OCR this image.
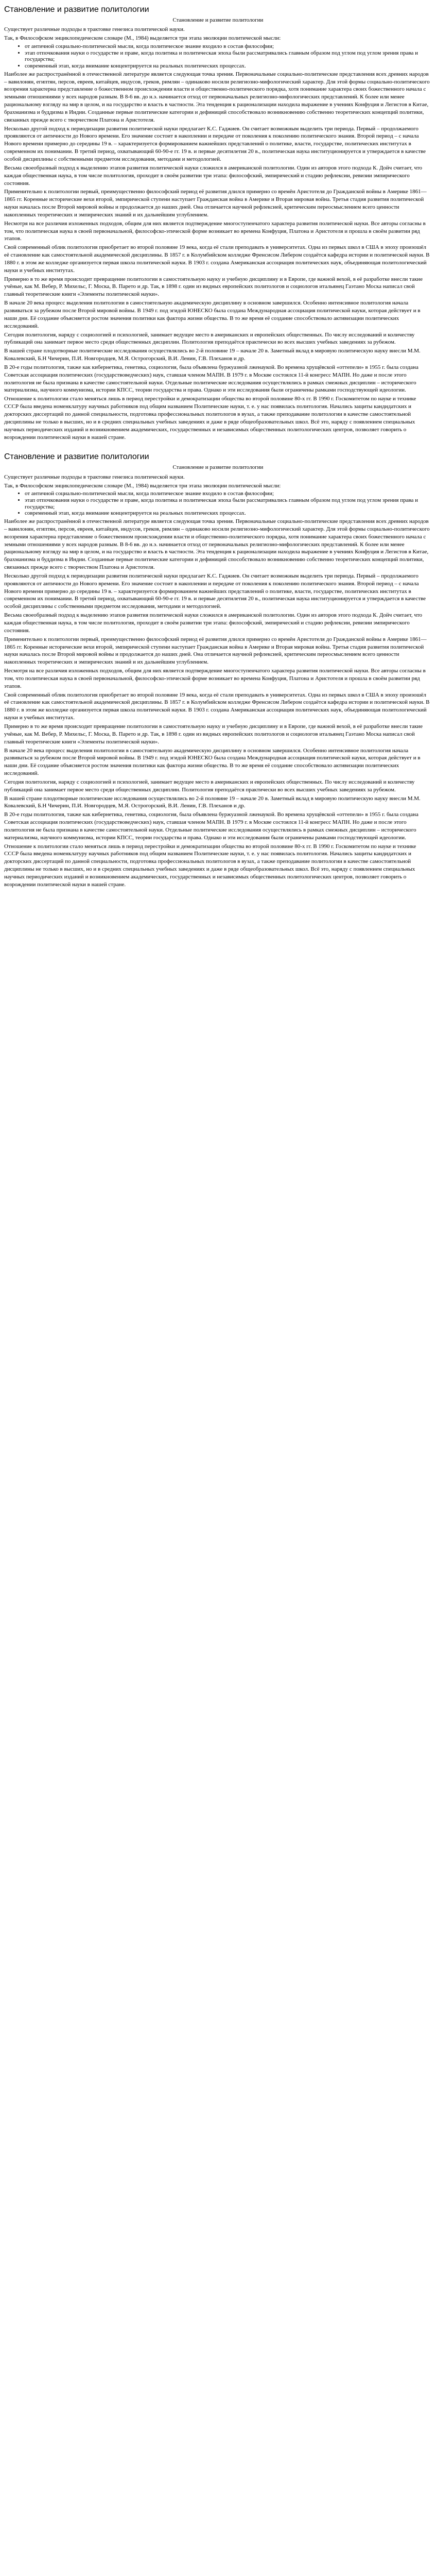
Становление и развитие политологии

Становление и развитие политологии

Существует различные подходы в трактовке генезиса политической науки.

Так, в Философском энциклопедическом словаре (М., 1984) выделяется три этапа эволюции политической мысли:

• от античной социально-политической мысли, когда политическое знание входило в состав философии;
• этап отпочкования науки о государстве и праве, когда политика и политическая эпоха были рассматривались главным образом под углом под углом зрения права и государства;
• современный этап, когда внимание концентрируется на реальных политических процессах.

Наиболее же распространённой в отечественной литературе является следующая точка зрения. Первоначальные социально-политические представления всех древних народов – вавилонян, египтян, персов, евреев, китайцев, индусов, греков, римлян – одинаково носили религиозно-мифологический характер. Для этой формы социально-политического воззрения характерна представление о божественном происхождении власти и общественно-политического порядка, хотя понимание характера своих божественного начала с земными отношениями у всех народов разным. В 8-6 вв. до н.э. начинается отход от первоначальных религиозно-мифологических представлений. К более или менее рациональному взгляду на мир в целом, и на государство и власть в частности. Эта тенденция к рационализации находила выражение в учениях Конфуция и Легистов в Китае, брахманизма и буддизма в Индии. Созданные первые политические категории и дефиниций способствовало возникновению собственно теоретических концепций политики, связанных прежде всего с творчеством Платона и Аристотеля.

Несколько другой подход к периодизации развития политической науки предлагает К.С. Гаджиев. Он считает возможным выделить три периода. Первый – продолжаемого проявляются от античности до Нового времени. Его значение состоит в накоплении и передаче от поколения к поколению политического знания. Второй период – с начала Нового времени примерно до середины 19 в. – характеризуется формированием важнейших представлений о политике, власти, государстве, политических институтах в современном их понимании. В третий период, охватывающий 60-90-е гг. 19 в. и первые десятилетия 20 в., политическая наука институционируется и утверждается в качестве особой дисциплины с собственными предметом исследования, методами и методологией.

Весьма своеобразный подход к выделению этапов развития политической науки сложился в американской политологии. Один из авторов этого подхода К. Дойч считает, что каждая общественная наука, в том числе политология, проходит в своём развитии три этапа: философский, эмпирический и стадию рефлексии, ревизии эмпирического состояния.

Применительно к политологии первый, преимущественно философский период её развития длился примерно со времён Аристотеля до Гражданской войны в Америке 1861—1865 гг. Коренные исторические вехи второй, эмпирической ступени наступает Гражданская война в Америке и Вторая мировая война. Третья стадия развития политической науки началась после Второй мировой войны и продолжается до наших дней. Она отличается научной рефлексией, критическим переосмыслением всего ценности накопленных теоретических и эмпирических знаний и их дальнейшим углублением.

Несмотря на все различия изложенных подходов, общим для них является подтверждение многоступенчатого характера развития политической науки. Все авторы согласны в том, что политическая наука в своей первоначальной, философско-этической форме возникает во времена Конфуция, Платона и Аристотеля и прошла в своём развитии ряд этапов.

Свой современный облик политология приобретает во второй половине 19 века, когда её стали преподавать в университетах. Одна из первых школ в США в эпоху произошёл её становление как самостоятельной академической дисциплины. В 1857 г. в Колумбийском колледже Френсисом Либером создаётся кафедра истории и политической науки. В 1880 г. в этом же колледже организуется первая школа политической науки. В 1903 г. создана Американская ассоциация политических наук, объединяющая политологический науки и учебных институтах.

Примерно в то же время происходит превращение политологии в самостоятельную науку и учебную дисциплину и в Европе, где важной вехой, в её разработке внесли такие учёные, как М. Вебер, Р. Михельс, Г. Моска, В. Парето и др. Так, в 1898 г. один из видных европейских политологов и социологов итальянец Гаэтано Моска написал свой главный теоретические книги «Элементы политической науки».

В начале 20 века процесс выделения политологии в самостоятельную академическую дисциплину в основном завершился. Особенно интенсивное политология начала развиваться за рубежом после Второй мировой войны. В 1949 г. под эгидой ЮНЕСКО была создана Международная ассоциация политической науки, которая действует и в наши дни. Её создание объясняется ростом значения политики как фактора жизни общества. В то же время её создание способствовало активизации политических исследований.

Сегодня политология, наряду с социологией и психологией, занимает ведущее место в американских и европейских общественных. По числу исследований и количеству публикаций она занимает первое место среди общественных дисциплин. Политология преподаётся практически во всех высших учебных заведениях за рубежом.

В нашей стране плодотворные политические исследования осуществлялись во 2-й половине 19 – начале 20 в. Заметный вклад в мировую политическую науку внесли М.М. Ковалевский, Б.Н Чичерин, П.И. Новгородцев, М.Я. Острогорский, В.И. Ленин, Г.В. Плеханов и др.

В 20-е годы политология, также как кибернетика, генетика, социология, была объявлена буржуазной лженаукой. Во времена хрущёвской «оттепели» в 1955 г. была создана Советская ассоциация политических (государствоведческих) наук, ставшая членом МАПН. В 1979 г. в Москве состоялся 11-й конгресс МАПН. Но даже и после этого политология не была признана в качестве самостоятельной науки. Отдельные политические исследования осуществлялись в рамках смежных дисциплин – исторического материализма, научного коммунизма, истории КПСС, теории государства и права. Однако и эти исследования были ограничены рамками господствующей идеологии.

Отношение к политологии стало меняться лишь в период перестройки и демократизации общества во второй половине 80-х гг. В 1990 г. Госкомитетом по науке и технике СССР была введена номенклатуру научных работников под общим названием Политические науки, т. е. у нас появилась политология. Начались защиты кандидатских и докторских диссертаций по данной специальности, подготовка профессиональных политологов в вузах, а также преподавание политологии в качестве самостоятельной дисциплины не только в высших, но и в средних специальных учебных заведениях и даже в ряде общеобразовательных школ. Всё это, наряду с появлением специальных научных периодических изданий и возникновением академических, государственных и независимых общественных политологических центров, позволяет говорить о возрождении политической науки в нашей стране.

Становление и развитие политологии

Становление и развитие политологии

Существует различные подходы в трактовке генезиса политической науки.

Так, в Философском энциклопедическом словаре (М., 1984) выделяется три этапа эволюции политической мысли:

• от античной социально-политической мысли, когда политическое знание входило в состав философии;
• этап отпочкования науки о государстве и праве, когда политика и политическая эпоха были рассматривались главным образом под углом под углом зрения права и государства;
• современный этап, когда внимание концентрируется на реальных политических процессах.

Наиболее же распространённой в отечественной литературе является следующая точка зрения. Первоначальные социально-политические представления всех древних народов – вавилонян, египтян, персов, евреев, китайцев, индусов, греков, римлян – одинаково носили религиозно-мифологический характер. Для этой формы социально-политического воззрения характерна представление о божественном происхождении власти и общественно-политического порядка, хотя понимание характера своих божественного начала с земными отношениями у всех народов разным. В 8-6 вв. до н.э. начинается отход от первоначальных религиозно-мифологических представлений. К более или менее рациональному взгляду на мир в целом, и на государство и власть в частности. Эта тенденция к рационализации находила выражение в учениях Конфуция и Легистов в Китае, брахманизма и буддизма в Индии. Созданные первые политические категории и дефиниций способствовало возникновению собственно теоретических концепций политики, связанных прежде всего с творчеством Платона и Аристотеля.

Несколько другой подход к периодизации развития политической науки предлагает К.С. Гаджиев. Он считает возможным выделить три периода. Первый – продолжаемого проявляются от античности до Нового времени. Его значение состоит в накоплении и передаче от поколения к поколению политического знания. Второй период – с начала Нового времени примерно до середины 19 в. – характеризуется формированием важнейших представлений о политике, власти, государстве, политических институтах в современном их понимании. В третий период, охватывающий 60-90-е гг. 19 в. и первые десятилетия 20 в., политическая наука институционируется и утверждается в качестве особой дисциплины с собственными предметом исследования, методами и методологией.

Весьма своеобразный подход к выделению этапов развития политической науки сложился в американской политологии. Один из авторов этого подхода К. Дойч считает, что каждая общественная наука, в том числе политология, проходит в своём развитии три этапа: философский, эмпирический и стадию рефлексии, ревизии эмпирического состояния.

Применительно к политологии первый, преимущественно философский период её развития длился примерно со времён Аристотеля до Гражданской войны в Америке 1861—1865 гг. Коренные исторические вехи второй, эмпирической ступени наступает Гражданская война в Америке и Вторая мировая война. Третья стадия развития политической науки началась после Второй мировой войны и продолжается до наших дней. Она отличается научной рефлексией, критическим переосмыслением всего ценности накопленных теоретических и эмпирических знаний и их дальнейшим углублением.

Несмотря на все различия изложенных подходов, общим для них является подтверждение многоступенчатого характера развития политической науки. Все авторы согласны в том, что политическая наука в своей первоначальной, философско-этической форме возникает во времена Конфуция, Платона и Аристотеля и прошла в своём развитии ряд этапов.

Свой современный облик политология приобретает во второй половине 19 века, когда её стали преподавать в университетах. Одна из первых школ в США в эпоху произошёл её становление как самостоятельной академической дисциплины. В 1857 г. в Колумбийском колледже Френсисом Либером создаётся кафедра истории и политической науки. В 1880 г. в этом же колледже организуется первая школа политической науки. В 1903 г. создана Американская ассоциация политических наук, объединяющая политологический науки и учебных институтах.

Примерно в то же время происходит превращение политологии в самостоятельную науку и учебную дисциплину и в Европе, где важной вехой, в её разработке внесли такие учёные, как М. Вебер, Р. Михельс, Г. Моска, В. Парето и др. Так, в 1898 г. один из видных европейских политологов и социологов итальянец Гаэтано Моска написал свой главный теоретические книги «Элементы политической науки».

В начале 20 века процесс выделения политологии в самостоятельную академическую дисциплину в основном завершился. Особенно интенсивное политология начала развиваться за рубежом после Второй мировой войны. В 1949 г. под эгидой ЮНЕСКО была создана Международная ассоциация политической науки, которая действует и в наши дни. Её создание объясняется ростом значения политики как фактора жизни общества. В то же время её создание способствовало активизации политических исследований.

Сегодня политология, наряду с социологией и психологией, занимает ведущее место в американских и европейских общественных. По числу исследований и количеству публикаций она занимает первое место среди общественных дисциплин. Политология преподаётся практически во всех высших учебных заведениях за рубежом.

В нашей стране плодотворные политические исследования осуществлялись во 2-й половине 19 – начале 20 в. Заметный вклад в мировую политическую науку внесли М.М. Ковалевский, Б.Н Чичерин, П.И. Новгородцев, М.Я. Острогорский, В.И. Ленин, Г.В. Плеханов и др.

В 20-е годы политология, также как кибернетика, генетика, социология, была объявлена буржуазной лженаукой. Во времена хрущёвской «оттепели» в 1955 г. была создана Советская ассоциация политических (государствоведческих) наук, ставшая членом МАПН. В 1979 г. в Москве состоялся 11-й конгресс МАПН. Но даже и после этого политология не была признана в качестве самостоятельной науки. Отдельные политические исследования осуществлялись в рамках смежных дисциплин – исторического материализма, научного коммунизма, истории КПСС, теории государства и права. Однако и эти исследования были ограничены рамками господствующей идеологии.

Отношение к политологии стало меняться лишь в период перестройки и демократизации общества во второй половине 80-х гг. В 1990 г. Госкомитетом по науке и технике СССР была введена номенклатуру научных работников под общим названием Политические науки, т. е. у нас появилась политология. Начались защиты кандидатских и докторских диссертаций по данной специальности, подготовка профессиональных политологов в вузах, а также преподавание политологии в качестве самостоятельной дисциплины не только в высших, но и в средних специальных учебных заведениях и даже в ряде общеобразовательных школ. Всё это, наряду с появлением специальных научных периодических изданий и возникновением академических, государственных и независимых общественных политологических центров, позволяет говорить о возрождении политической науки в нашей стране.
